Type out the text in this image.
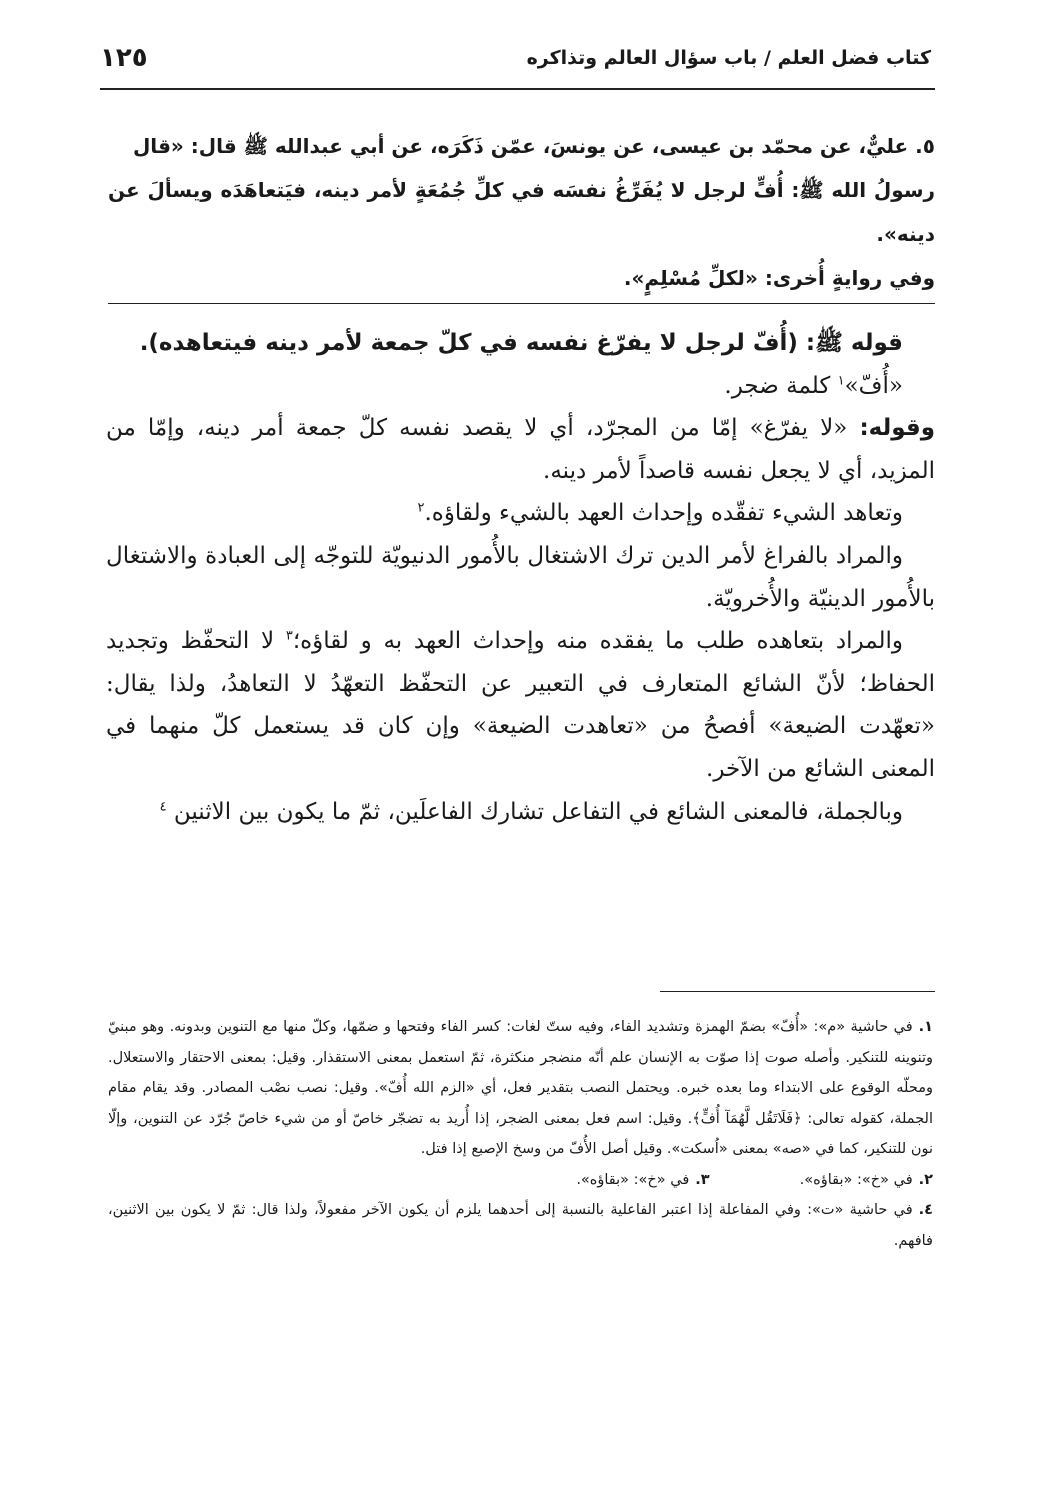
كتاب فضل العلم / باب سؤال العالم وتذاكره
١٢٥

٥. عليٌّ، عن محمّد بن عيسى، عن يونسَ، عمّن ذَكَرَه، عن أبي عبدالله ﷺ قال: «قال

رسولُ الله ﷺ: أُفٍّ لرجل لا يُفَرِّغُ نفسَه في كلِّ جُمُعَةٍ لأمر دينه، فيَتعاهَدَه ويسألَ عن دينه».

وفي روايةٍ أُخرى: «لكلِّ مُسْلِمٍ».

قوله ﷺ: (أُفّ لرجل لا يفرّغ نفسه في كلّ جمعة لأمر دينه فيتعاهده).

«أُفّ»$^١$ كلمة ضجر.

وقوله: «لا يفرّغ» إمّا من المجرّد، أي لا يقصد نفسه كلّ جمعة أمر دينه، وإمّا من المزيد، أي لا يجعل نفسه قاصداً لأمر دينه.

وتعاهد الشيء تفقّده وإحداث العهد بالشيء ولقاؤه.$^٢$

والمراد بالفراغ لأمر الدين ترك الاشتغال بالأُمور الدنيويّة للتوجّه إلى العبادة والاشتغال بالأُمور الدينيّة والأُخرويّة.

والمراد بتعاهده طلب ما يفقده منه وإحداث العهد به و لقاؤه؛$^٣$ لا التحفّظ وتجديد الحفاظ؛ لأنّ الشائع المتعارف في التعبير عن التحفّظ التعهّدُ لا التعاهدُ، ولذا يقال: «تعهّدت الضيعة» أفصحُ من «تعاهدت الضيعة» وإن كان قد يستعمل كلّ منهما في المعنى الشائع من الآخر.

وبالجملة، فالمعنى الشائع في التفاعل تشارك الفاعلَين، ثمّ ما يكون بين الاثنين $^٤$

١.في حاشية «م»: «أُفّ» بضمّ الهمزة وتشديد الفاء، وفيه ستّ لغات: كسر الفاء وفتحها و ضمّها، وكلّ منها مع التنوين وبدونه. وهو مبنيّ وتنوينه للتنكير. وأصله صوت إذا صوّت به الإنسان علم أنّه منضجر منكثرة، ثمّ استعمل بمعنى الاستقذار. وقيل: بمعنى الاحتقار والاستعلال. ومحلّه الوقوع على الابتداء وما بعده خبره. ويحتمل النصب بتقدير فعل، أي «الزم الله أُفّ». وقيل: نصب نصْب المصادر. وقد يقام مقام الجملة، كقوله تعالى: ﴿فَلَاتَقُل لَّهُمَآ أُفٍّ﴾. وقيل: اسم فعل بمعنى الضجر، إذا أُريد به تضجّر خاصّ أو من شيء خاصّ جُرّد عن التنوين، وإلّا نون للتنكير، كما في «صه» بمعنى «اُسكت». وقيل أصل الأُفّ من وسخ الإصبع إذا فتل.

٢.في «خ»: «بقاؤه».

٣.في «خ»: «بقاؤه».

٤.في حاشية «ت»: وفي المفاعلة إذا اعتبر الفاعلية بالنسبة إلى أحدهما يلزم أن يكون الآخر مفعولاً، ولذا قال: ثمّ لا يكون بين الاثنين، فافهم.
